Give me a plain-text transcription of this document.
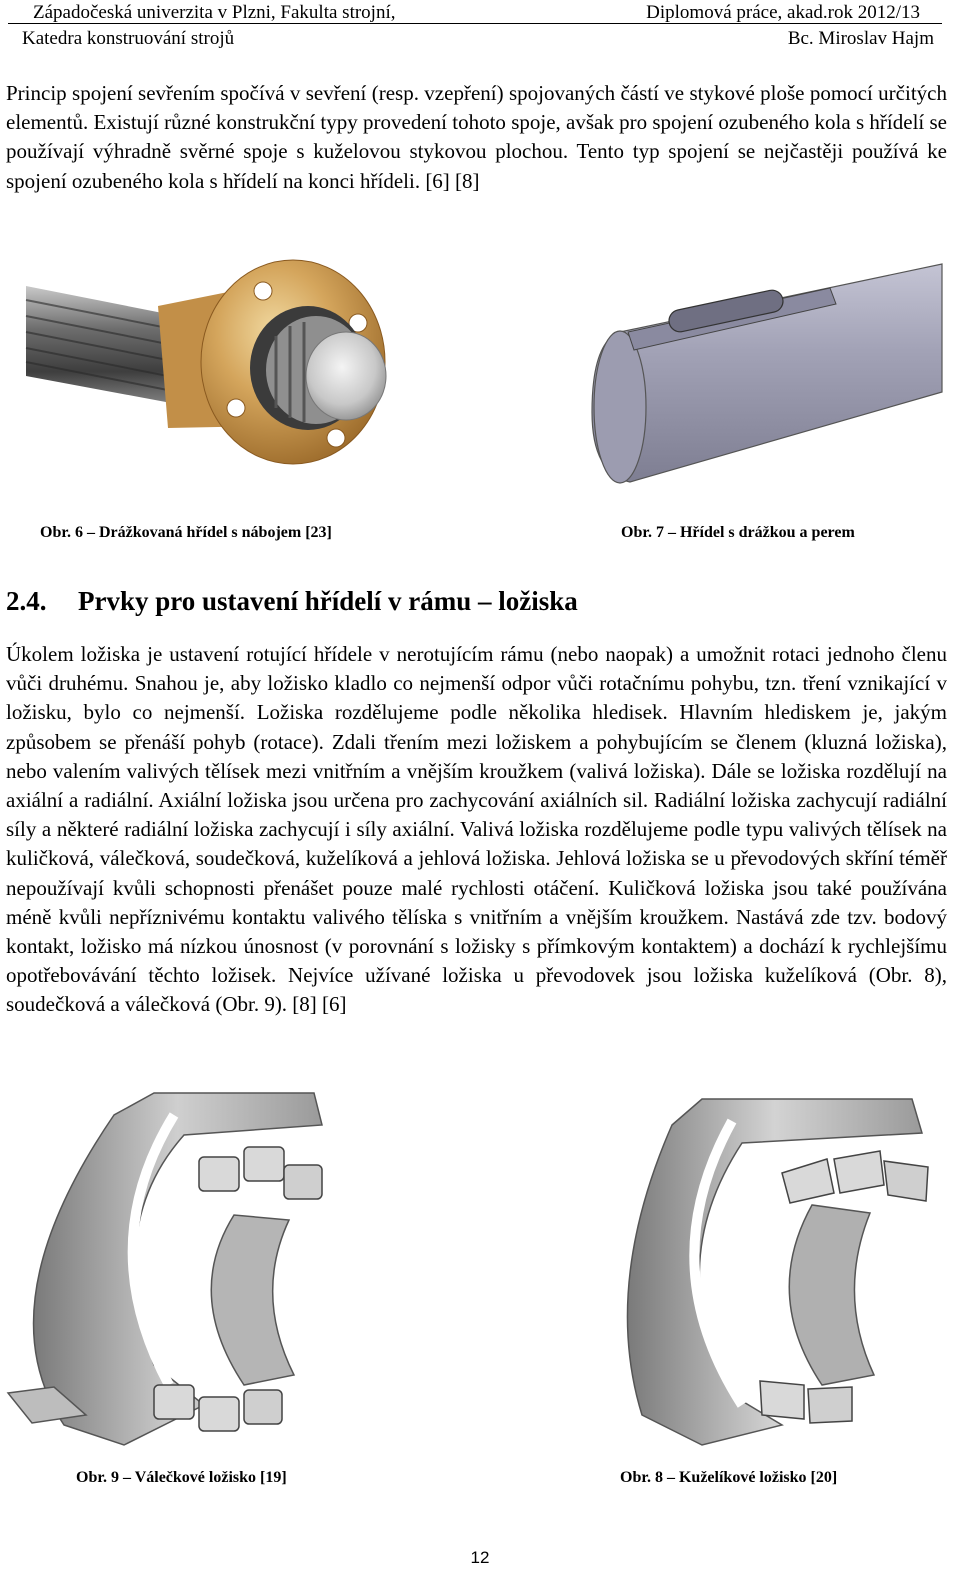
Západočeská univerzita v Plzni, Fakulta strojní,	Diplomová práce, akad.rok 2012/13
Katedra konstruování strojů	Bc. Miroslav Hajm
Princip spojení sevřením spočívá v sevření (resp. vzepření) spojovaných částí ve stykové ploše pomocí určitých elementů. Existují různé konstrukční typy provedení tohoto spoje, avšak pro spojení ozubeného kola s hřídelí se používají výhradně svěrné spoje s kuželovou stykovou plochou. Tento typ spojení se nejčastěji používá ke spojení ozubeného kola s hřídelí na konci hřídeli. [6] [8]
Obr. 6 – Drážkovaná hřídel s nábojem [23]	Obr. 7 – Hřídel s drážkou a perem
2.4. Prvky pro ustavení hřídelí v rámu – ložiska
Úkolem ložiska je ustavení rotující hřídele v nerotujícím rámu (nebo naopak) a umožnit rotaci jednoho členu vůči druhému. Snahou je, aby ložisko kladlo co nejmenší odpor vůči rotačnímu pohybu, tzn. tření vznikající v ložisku, bylo co nejmenší. Ložiska rozdělujeme podle několika hledisek. Hlavním hlediskem je, jakým způsobem se přenáší pohyb (rotace). Zdali třením mezi ložiskem a pohybujícím se členem (kluzná ložiska), nebo valením valivých tělísek mezi vnitřním a vnějším kroužkem (valivá ložiska). Dále se ložiska rozdělují na axiální a radiální. Axiální ložiska jsou určena pro zachycování axiálních sil. Radiální ložiska zachycují radiální síly a některé radiální ložiska zachycují i síly axiální. Valivá ložiska rozdělujeme podle typu valivých tělísek na kuličková, válečková, soudečková, kuželíková a jehlová ložiska. Jehlová ložiska se u převodových skříní téměř nepoužívají kvůli schopnosti přenášet pouze malé rychlosti otáčení. Kuličková ložiska jsou také používána méně kvůli nepříznivému kontaktu valivého tělíska s vnitřním a vnějším kroužkem. Nastává zde tzv. bodový kontakt, ložisko má nízkou únosnost (v porovnání s ložisky s přímkovým kontaktem) a dochází k rychlejšímu opotřebovávání těchto ložisek. Nejvíce užívané ložiska u převodovek jsou ložiska kuželíková (Obr. 8), soudečková a válečková (Obr. 9). [8] [6]
Obr. 9 – Válečkové ložisko [19]	Obr. 8 – Kuželíkové ložisko [20]
12
